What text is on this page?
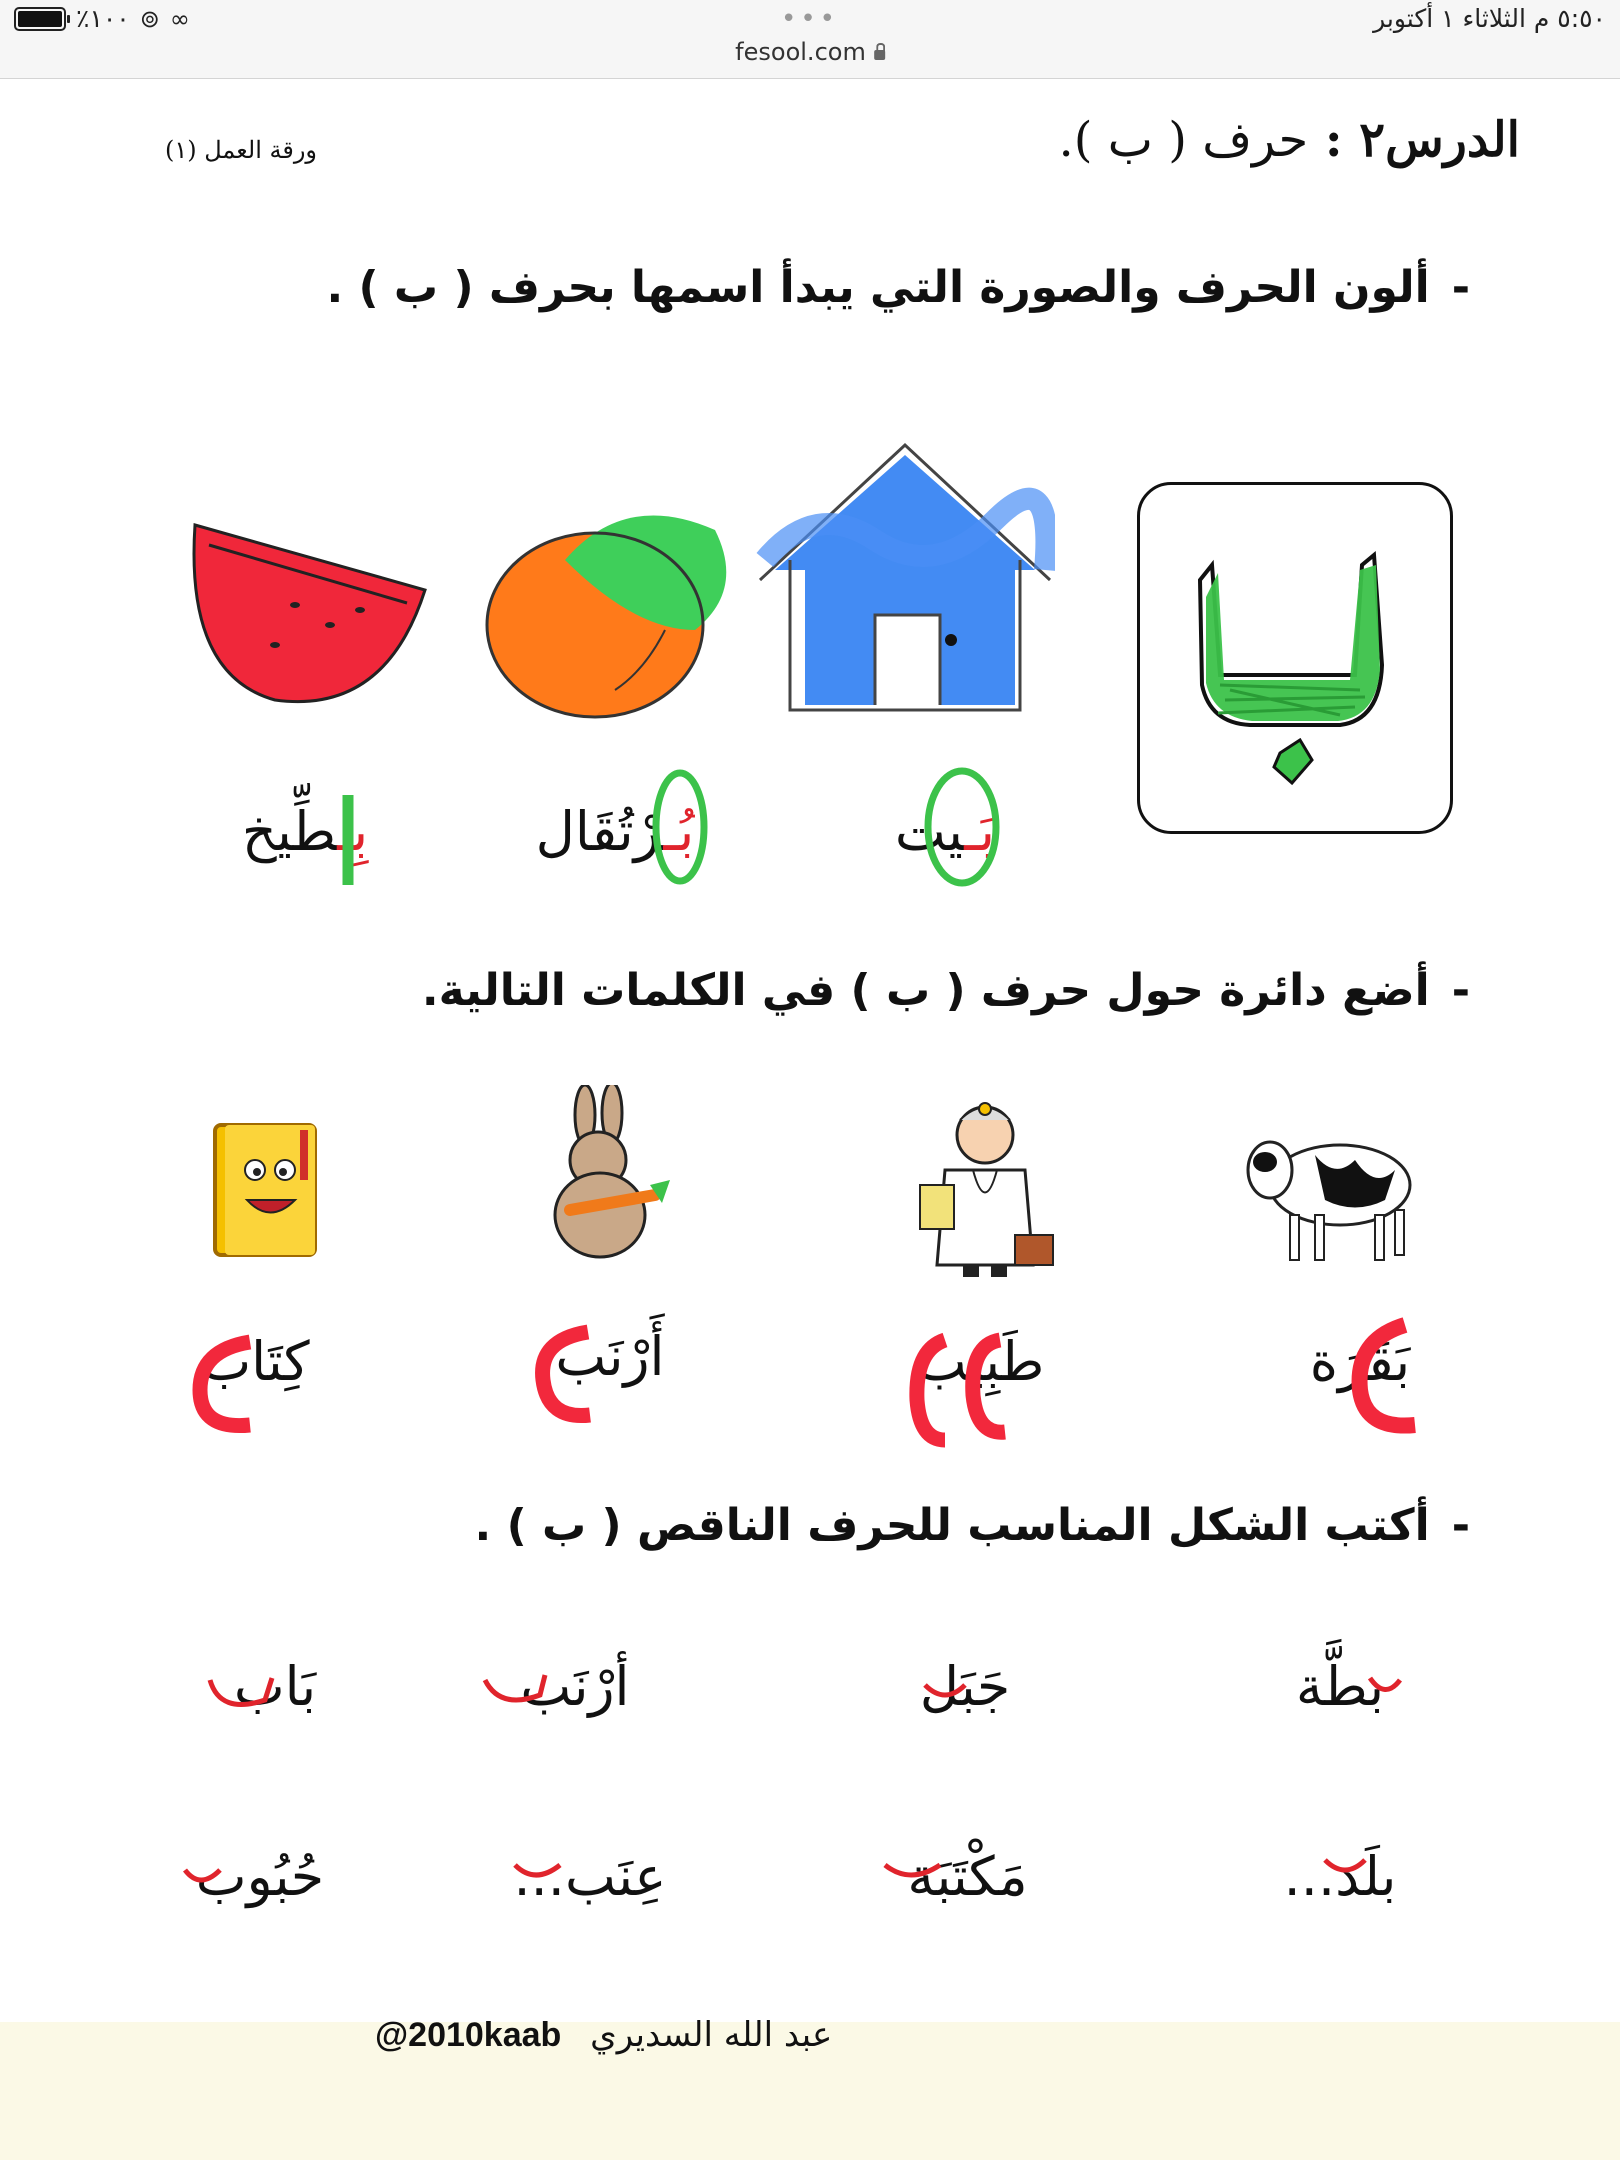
٪١٠٠ ⊚ ∞	•••	٥:٥٠ م الثلاثاء ١ أكتوبر
fesool.com
الدرس٢ : حرف ( ب ).
ورقة العمل (١)
-ألون الحرف والصورة التي يبدأ اسمها بحرف ( ب ) .
بَـيت
بُـرْتُقَال
بِـطِّيخ
-أضع دائرة حول حرف ( ب ) في الكلمات التالية.
بَقَرَة
طَبِيب
أَرْنَب
كِتَاب
-أكتب الشكل المناسب للحرف الناقص ( ب ) .
بطَّة
جَبَل
أرْنَب
بَاب
بلَد...
مَكْتَبَة
عِنَب...
حُبُوب
@2010kaab عبد الله السديري
